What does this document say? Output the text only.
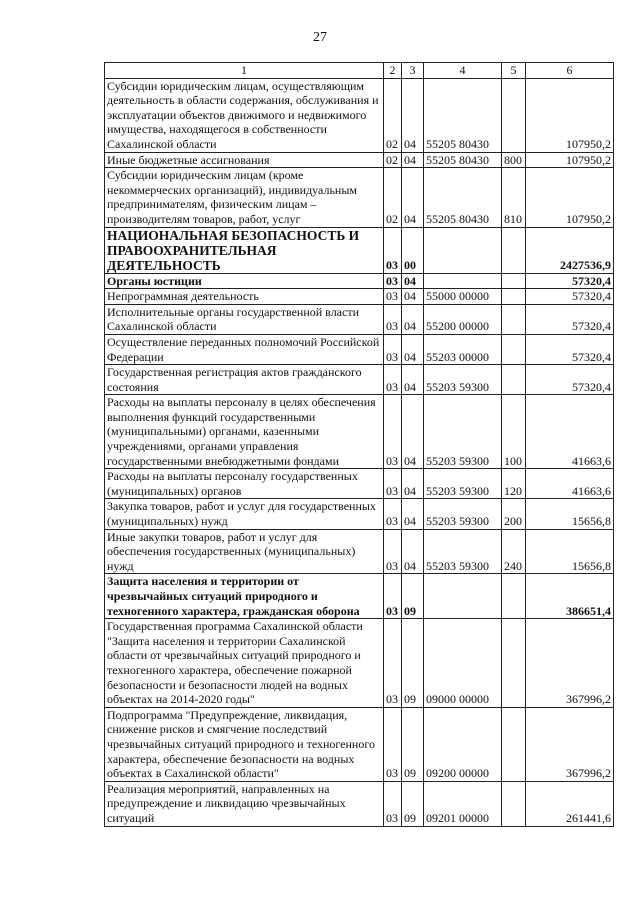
27
1	2	3	4	5	6
Субсидии юридическим лицам, осуществляющим деятельность в области содержания, обслуживания и эксплуатации объектов движимого и недвижимого имущества, находящегося в собственности Сахалинской области	02	04	55205 80430		107950,2
Иные бюджетные ассигнования	02	04	55205 80430	800	107950,2
Субсидии юридическим лицам (кроме некоммерческих организаций), индивидуальным предпринимателям, физическим лицам – производителям товаров, работ, услуг	02	04	55205 80430	810	107950,2
НАЦИОНАЛЬНАЯ БЕЗОПАСНОСТЬ И ПРАВООХРАНИТЕЛЬНАЯ ДЕЯТЕЛЬНОСТЬ	03	00			2427536,9
Органы юстиции	03	04			57320,4
Непрограммная деятельность	03	04	55000 00000		57320,4
Исполнительные органы государственной власти Сахалинской области	03	04	55200 00000		57320,4
Осуществление переданных полномочий Российской Федерации	03	04	55203 00000		57320,4
Государственная регистрация актов гражданского состояния	03	04	55203 59300		57320,4
Расходы на выплаты персоналу в целях обеспечения выполнения функций государственными (муниципальными) органами, казенными учреждениями, органами управления государственными внебюджетными фондами	03	04	55203 59300	100	41663,6
Расходы на выплаты персоналу государственных (муниципальных) органов	03	04	55203 59300	120	41663,6
Закупка товаров, работ и услуг для государственных (муниципальных) нужд	03	04	55203 59300	200	15656,8
Иные закупки товаров, работ и услуг для обеспечения государственных (муниципальных) нужд	03	04	55203 59300	240	15656,8
Защита населения и территории от чрезвычайных ситуаций природного и техногенного характера, гражданская оборона	03	09			386651,4
Государственная программа Сахалинской области "Защита населения и территории Сахалинской области от чрезвычайных ситуаций природного и техногенного характера, обеспечение пожарной безопасности и безопасности людей на водных объектах на 2014-2020 годы"	03	09	09000 00000		367996,2
Подпрограмма "Предупреждение, ликвидация, снижение рисков и смягчение последствий чрезвычайных ситуаций природного и техногенного характера, обеспечение безопасности на водных объектах в Сахалинской области"	03	09	09200 00000		367996,2
Реализация мероприятий, направленных на предупреждение и ликвидацию чрезвычайных ситуаций	03	09	09201 00000		261441,6
